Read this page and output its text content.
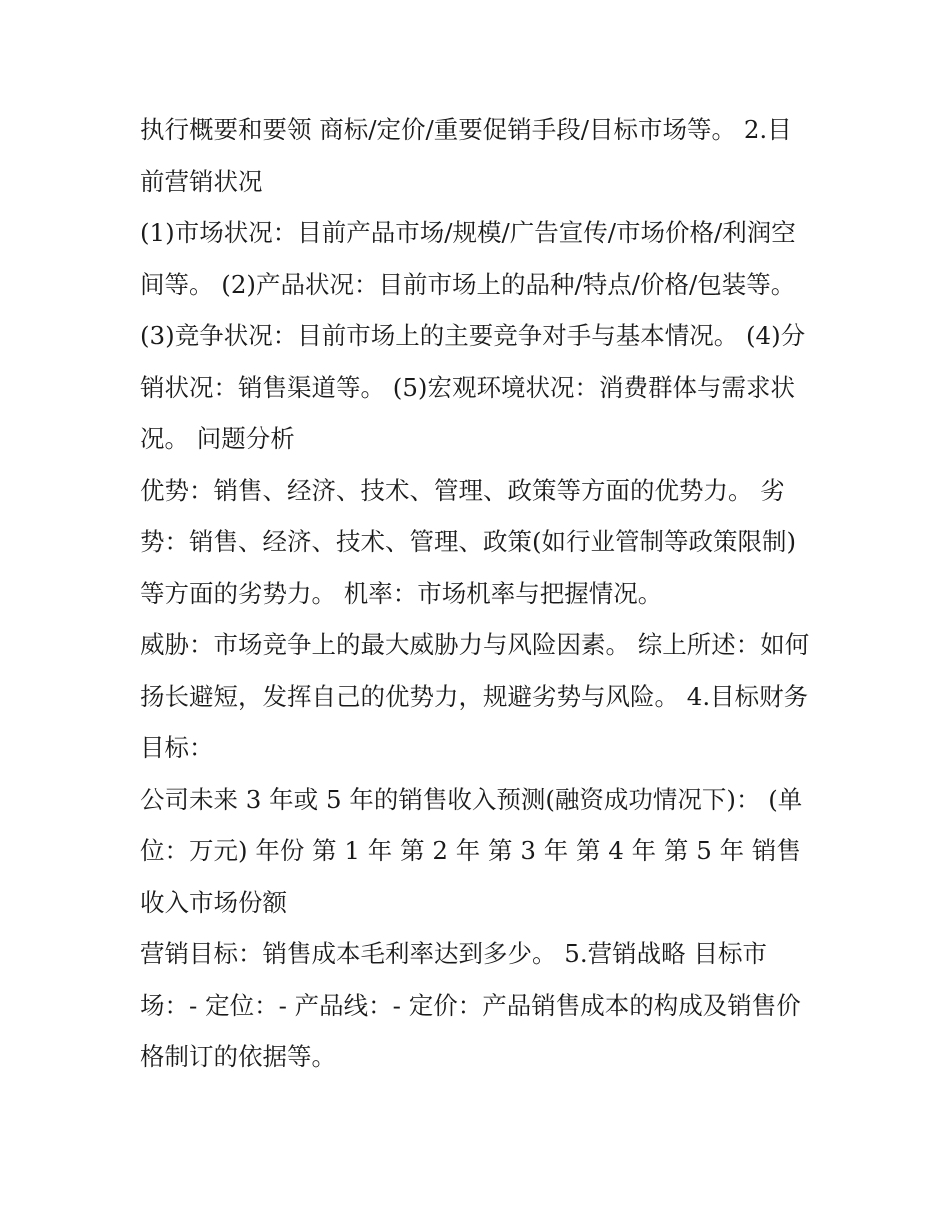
执行概要和要领 商标/定价/重要促销手段/目标市场等。 2.目前营销状况

(1)市场状况：目前产品市场/规模/广告宣传/市场价格/利润空间等。 (2)产品状况：目前市场上的品种/特点/价格/包装等。

(3)竞争状况：目前市场上的主要竞争对手与基本情况。 (4)分销状况：销售渠道等。 (5)宏观环境状况：消费群体与需求状况。 问题分析

优势：销售、经济、技术、管理、政策等方面的优势力。 劣势：销售、经济、技术、管理、政策(如行业管制等政策限制)等方面的劣势力。 机率：市场机率与把握情况。

威胁：市场竞争上的最大威胁力与风险因素。 综上所述：如何扬长避短，发挥自己的优势力，规避劣势与风险。 4.目标财务目标：

公司未来 3 年或 5 年的销售收入预测(融资成功情况下)： (单位：万元) 年份 第 1 年 第 2 年 第 3 年 第 4 年 第 5 年 销售收入市场份额

营销目标：销售成本毛利率达到多少。 5.营销战略 目标市场：- 定位：- 产品线：- 定价：产品销售成本的构成及销售价格制订的依据等。
